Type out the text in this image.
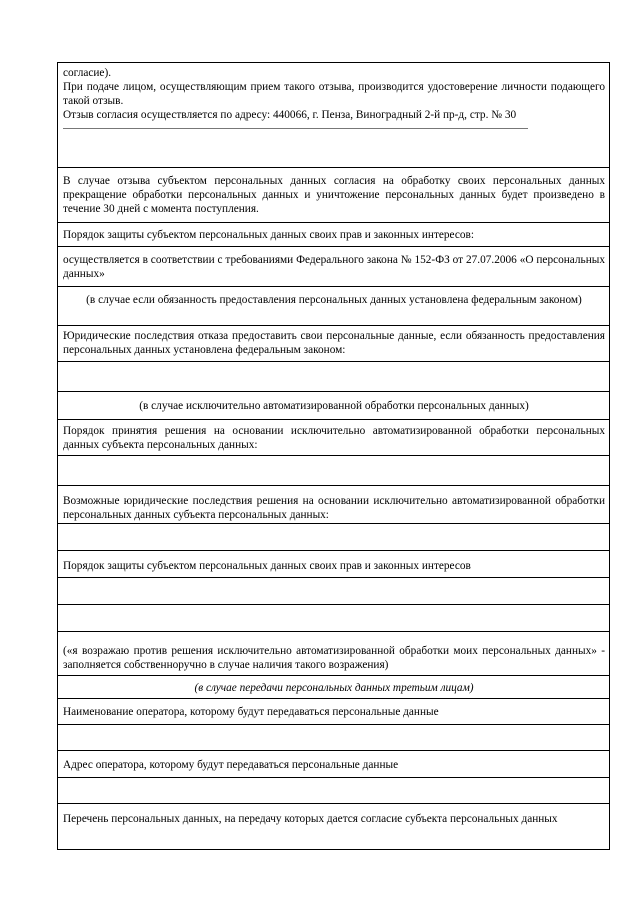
согласие).

При подаче лицом, осуществляющим прием такого отзыва, производится удостоверение личности подающего такой отзыв.

Отзыв согласия осуществляется по адресу: 440066, г. Пенза, Виноградный 2-й пр-д, стр. № 30

В случае отзыва субъектом персональных данных согласия на обработку своих персональных данных прекращение обработки персональных данных и уничтожение персональных данных будет произведено в течение 30 дней с момента поступления.
Порядок защиты субъектом персональных данных своих прав и законных интересов:
осуществляется в соответствии с требованиями Федерального закона № 152-ФЗ от 27.07.2006 «О персональных данных»
(в случае если обязанность предоставления персональных данных установлена федеральным законом)
Юридические последствия отказа предоставить свои персональные данные, если обязанность предоставления персональных данных установлена федеральным законом:
(в случае исключительно автоматизированной обработки персональных данных)
Порядок принятия решения на основании исключительно автоматизированной обработки персональных данных субъекта персональных данных:
Возможные юридические последствия решения на основании исключительно автоматизированной обработки персональных данных субъекта персональных данных:
Порядок защиты субъектом персональных данных своих прав и законных интересов
(«я возражаю против решения исключительно автоматизированной обработки моих персональных данных» - заполняется собственноручно в случае наличия такого возражения)
(в случае передачи персональных данных третьим лицам)
Наименование оператора, которому будут передаваться персональные данные
Адрес оператора, которому будут передаваться персональные данные
Перечень персональных данных, на передачу которых дается согласие субъекта персональных данных
